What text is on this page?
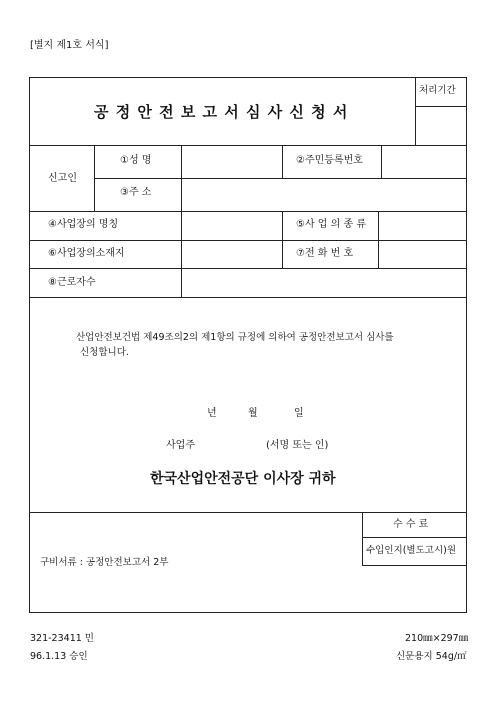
[별지 제1호 서식]
공 정 안 전 보 고 서 심 사 신 청 서
처리기간
신고인
①성 명	②주민등록번호
③주 소
④사업장의 명칭	⑤사 업 의 종 류
⑥사업장의소재지	⑦전 화 번 호
⑧근로자수
산업안전보건법 제49조의2의 제1항의 규정에 의하여 공정안전보고서 심사를
신청합니다.
년	월	일
사업주	(서명 또는 인)
한국산업안전공단 이사장 귀하
구비서류 : 공정안전보고서 2부
수 수 료
수입인지(별도고시)원
321-23411 민
96.1.13 승인
210㎜×297㎜
신문용지 54g/㎡
